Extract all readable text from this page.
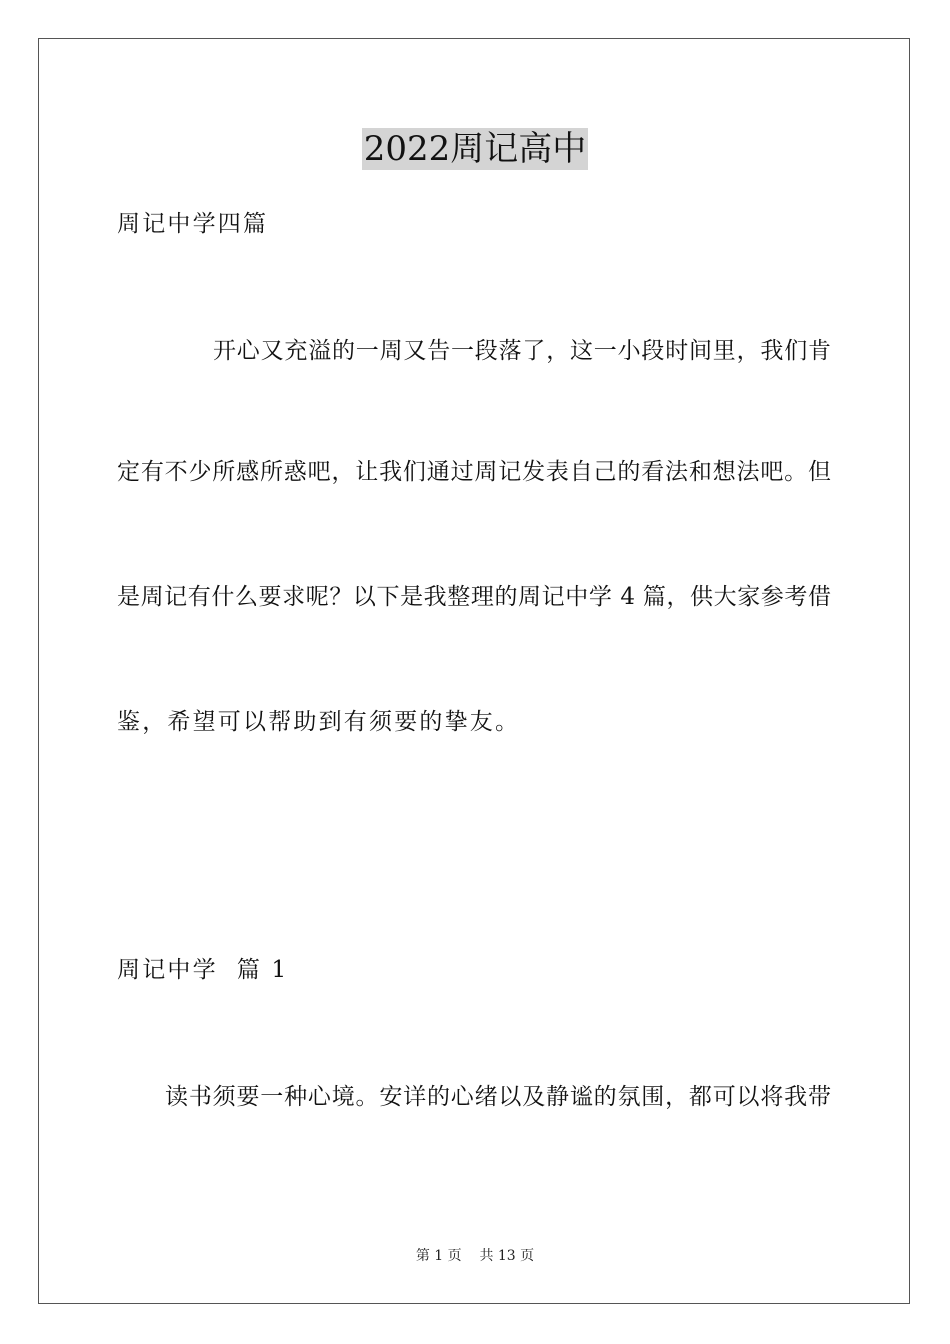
2022周记高中
周记中学四篇
开心又充溢的一周又告一段落了，这一小段时间里，我们肯
定有不少所感所惑吧，让我们通过周记发表自己的看法和想法吧。但
是周记有什么要求呢？以下是我整理的周记中学 4 篇，供大家参考借
鉴，希望可以帮助到有须要的挚友。
周记中学  篇 1
读书须要一种心境。安详的心绪以及静谧的氛围，都可以将我带
第 1 页 共 13 页
